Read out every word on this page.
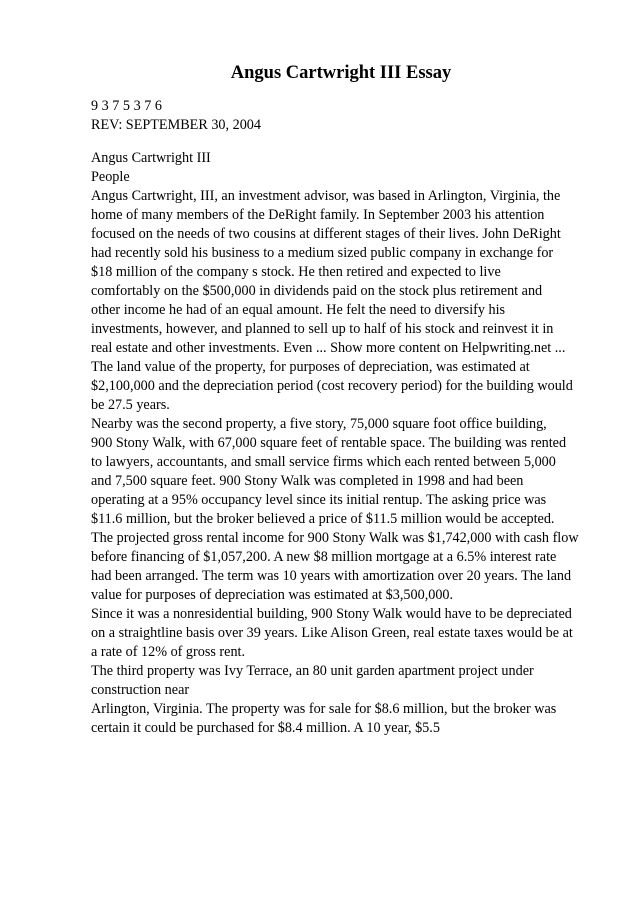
Angus Cartwright III Essay
9 3 7 5 3 7 6
REV: SEPTEMBER 30, 2004
Angus Cartwright III
People
Angus Cartwright, III, an investment advisor, was based in Arlington, Virginia, the
home of many members of the DeRight family. In September 2003 his attention
focused on the needs of two cousins at different stages of their lives. John DeRight
had recently sold his business to a medium sized public company in exchange for
$18 million of the company s stock. He then retired and expected to live
comfortably on the $500,000 in dividends paid on the stock plus retirement and
other income he had of an equal amount. He felt the need to diversify his
investments, however, and planned to sell up to half of his stock and reinvest it in
real estate and other investments. Even ... Show more content on Helpwriting.net ...
The land value of the property, for purposes of depreciation, was estimated at
$2,100,000 and the depreciation period (cost recovery period) for the building would
be 27.5 years.
Nearby was the second property, a five story, 75,000 square foot office building,
900 Stony Walk, with 67,000 square feet of rentable space. The building was rented
to lawyers, accountants, and small service firms which each rented between 5,000
and 7,500 square feet. 900 Stony Walk was completed in 1998 and had been
operating at a 95% occupancy level since its initial rentup. The asking price was
$11.6 million, but the broker believed a price of $11.5 million would be accepted.
The projected gross rental income for 900 Stony Walk was $1,742,000 with cash flow
before financing of $1,057,200. A new $8 million mortgage at a 6.5% interest rate
had been arranged. The term was 10 years with amortization over 20 years. The land
value for purposes of depreciation was estimated at $3,500,000.
Since it was a nonresidential building, 900 Stony Walk would have to be depreciated
on a straightline basis over 39 years. Like Alison Green, real estate taxes would be at
a rate of 12% of gross rent.
The third property was Ivy Terrace, an 80 unit garden apartment project under
construction near
Arlington, Virginia. The property was for sale for $8.6 million, but the broker was
certain it could be purchased for $8.4 million. A 10 year, $5.5
